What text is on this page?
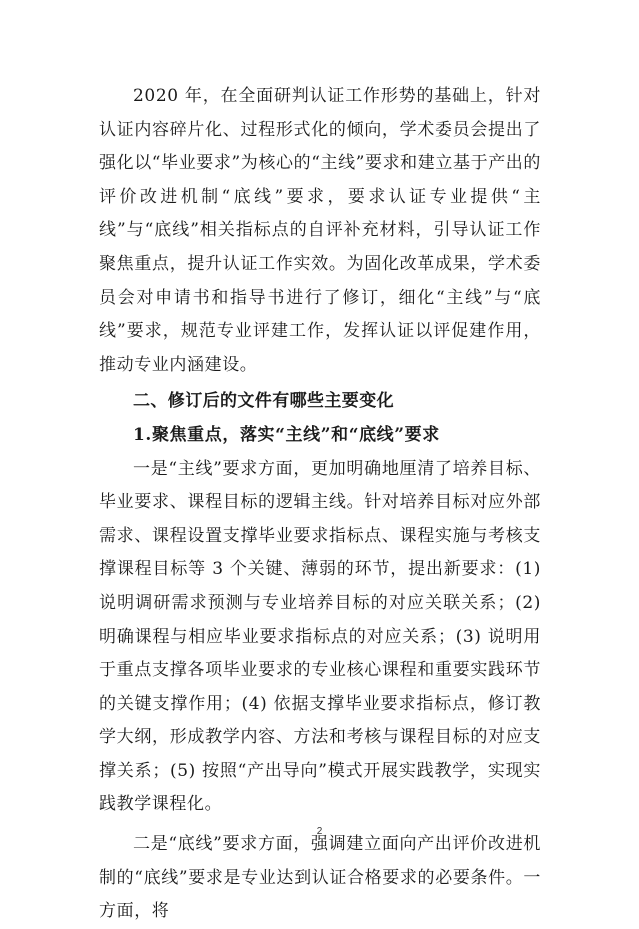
2020 年，在全面研判认证工作形势的基础上，针对认证内容碎片化、过程形式化的倾向，学术委员会提出了强化以“毕业要求”为核心的“主线”要求和建立基于产出的评价改进机制“底线”要求，要求认证专业提供“主线”与“底线”相关指标点的自评补充材料，引导认证工作聚焦重点，提升认证工作实效。为固化改革成果，学术委员会对申请书和指导书进行了修订，细化“主线”与“底线”要求，规范专业评建工作，发挥认证以评促建作用，推动专业内涵建设。

二、修订后的文件有哪些主要变化
1.聚焦重点，落实“主线”和“底线”要求

一是“主线”要求方面，更加明确地厘清了培养目标、毕业要求、课程目标的逻辑主线。针对培养目标对应外部需求、课程设置支撑毕业要求指标点、课程实施与考核支撑课程目标等 3 个关键、薄弱的环节，提出新要求：(1) 说明调研需求预测与专业培养目标的对应关联关系；(2) 明确课程与相应毕业要求指标点的对应关系；(3) 说明用于重点支撑各项毕业要求的专业核心课程和重要实践环节的关键支撑作用；(4) 依据支撑毕业要求指标点，修订教学大纲，形成教学内容、方法和考核与课程目标的对应支撑关系；(5) 按照“产出导向”模式开展实践教学，实现实践教学课程化。

二是“底线”要求方面，强调建立面向产出评价改进机制的“底线”要求是专业达到认证合格要求的必要条件。一方面，将

2
